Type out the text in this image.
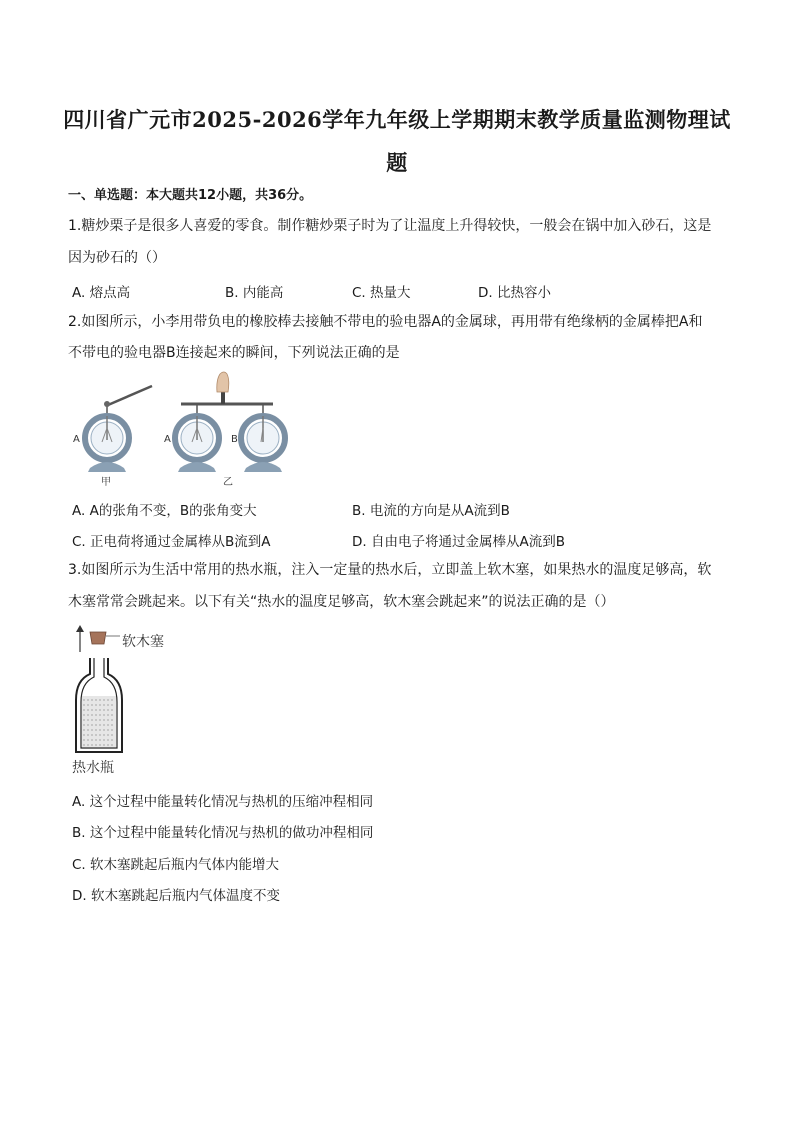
四川省广元市2025-2026学年九年级上学期期末教学质量监测物理试
题
一、单选题：本大题共12小题，共36分。
1.糖炒栗子是很多人喜爱的零食。制作糖炒栗子时为了让温度上升得较快，一般会在锅中加入砂石，这是
因为砂石的（）
A. 熔点高	B. 内能高	C. 热量大	D. 比热容小
2.如图所示，小李用带负电的橡胶棒去接触不带电的验电器A的金属球，再用带有绝缘柄的金属棒把A和
不带电的验电器B连接起来的瞬间，下列说法正确的是
A	A	B
甲	乙
A. A的张角不变，B的张角变大	B. 电流的方向是从A流到B
C. 正电荷将通过金属棒从B流到A	D. 自由电子将通过金属棒从A流到B
3.如图所示为生活中常用的热水瓶，注入一定量的热水后，立即盖上软木塞，如果热水的温度足够高，软
木塞常常会跳起来。以下有关“热水的温度足够高，软木塞会跳起来”的说法正确的是（）
软木塞
热水瓶
A. 这个过程中能量转化情况与热机的压缩冲程相同
B. 这个过程中能量转化情况与热机的做功冲程相同
C. 软木塞跳起后瓶内气体内能增大
D. 软木塞跳起后瓶内气体温度不变
